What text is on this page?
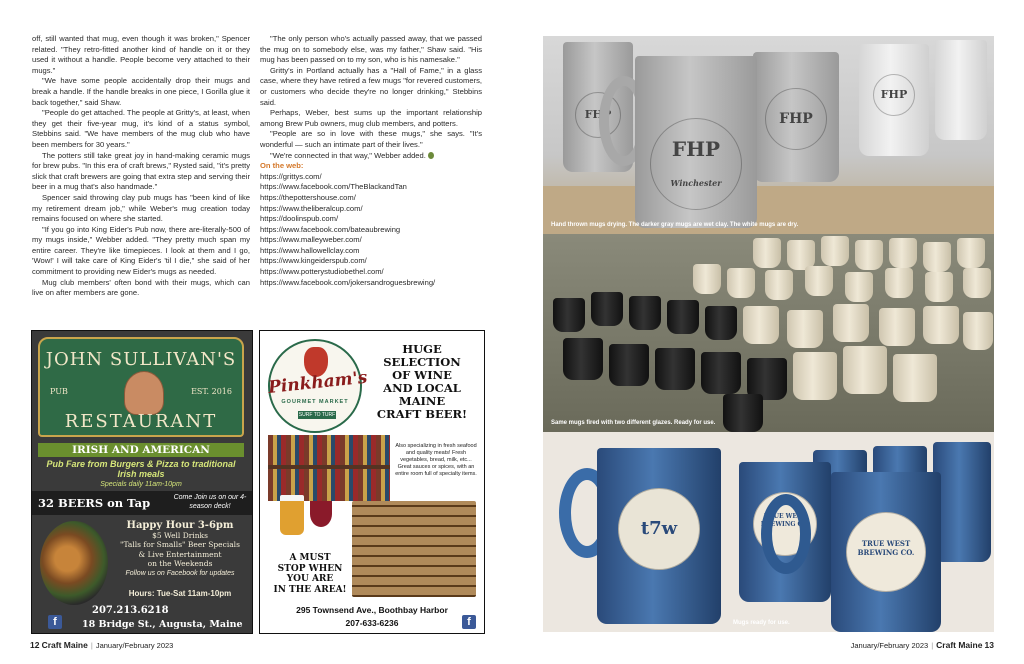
off, still wanted that mug, even though it was broken," Spencer related. "They retro-fitted another kind of handle on it or they used it without a handle. People become very attached to their mugs."

"We have some people accidentally drop their mugs and break a handle. If the handle breaks in one piece, I Gorilla glue it back together," said Shaw.

"People do get attached. The people at Gritty's, at least, when they get their five-year mug, it's kind of a status symbol, Stebbins said. "We have members of the mug club who have been members for 30 years."

The potters still take great joy in hand-making ceramic mugs for brew pubs. "In this era of craft brews," Rysted said, "it's pretty slick that craft brewers are going that extra step and serving their beer in a mug that's also handmade."

Spencer said throwing clay pub mugs has "been kind of like my retirement dream job," while Weber's mug creation today remains focused on where she started.

"If you go into King Eider's Pub now, there are-literally-500 of my mugs inside," Webber added. "They pretty much span my entire career. They're like timepieces. I look at them and I go, 'Wow!' I will take care of King Eider's 'til I die," she said of her commitment to providing new Eider's mugs as needed.

Mug club members' often bond with their mugs, which can live on after members are gone.

"The only person who's actually passed away, that we passed the mug on to somebody else, was my father," Shaw said. "His mug has been passed on to my son, who is his namesake."

Gritty's in Portland actually has a "Hall of Fame," in a glass case, where they have retired a few mugs "for revered customers, or customers who decide they're no longer drinking," Stebbins said.

Perhaps, Weber, best sums up the important relationship among Brew Pub owners, mug club members, and potters.

"People are so in love with these mugs," she says. "It's wonderful — such an intimate part of their lives."

"We're connected in that way," Webber added.

On the web:

https://grittys.com/

https://www.facebook.com/TheBlackandTan

https://thepottershouse.com/

https://www.theliberalcup.com/

https://doolinspub.com/

https://www.facebook.com/bateaubrewing

https://www.malleyweber.com/

https://www.hallowellclay.com

https://www.kingeiderspub.com/

https://www.potterystudiobethel.com/

https://www.facebook.com/jokersandroguesbrewing/

JOHN SULLIVAN'S
PUB	EST. 2016
RESTAURANT
IRISH AND AMERICAN
Pub Fare from Burgers & Pizza to traditional Irish meals
Specials daily 11am-10pm
32 BEERS on Tap	Come Join us on our 4-season deck!
Happy Hour 3-6pm
$5 Well Drinks
"Talls for Smalls" Beer Specials
& Live Entertainment
on the Weekends
Follow us on Facebook for updates
Hours: Tue-Sat 11am-10pm
207.213.6218
f	18 Bridge St., Augusta, Maine
Pinkham's
GOURMET MARKET
SURF TO TURF
HUGE
SELECTION
OF WINE
AND LOCAL
MAINE
CRAFT BEER!
Also specializing in fresh seafood and quality meats! Fresh vegetables, bread, milk, etc... Great sauces or spices, with an entire room full of specialty items.
A MUST
STOP WHEN
YOU ARE
IN THE AREA!
295 Townsend Ave., Boothbay Harbor
207-633-6236	f
FHP
FHP	FHP
FHP
Winchester
Hand thrown mugs drying. The darker gray mugs are wet clay. The white mugs are dry.
Same mugs fired with two different glazes. Ready for use.
t7w
TRUE WEST BREWING CO.
TRUE WEST BREWING CO.
Mugs ready for use.
12 Craft Maine | January/February 2023	January/February 2023 | Craft Maine 13
